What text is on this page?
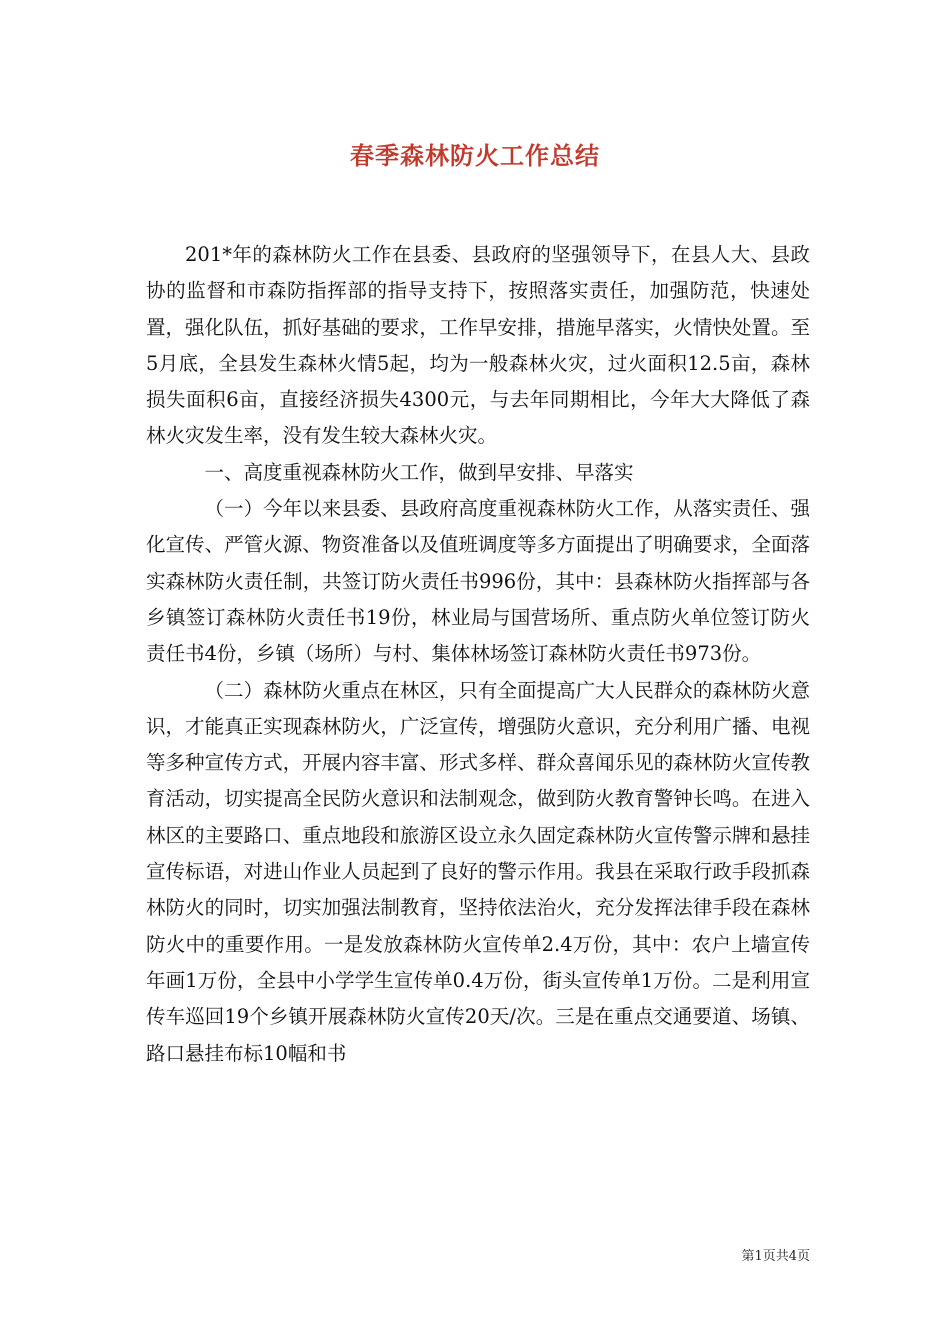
春季森林防火工作总结

201*年的森林防火工作在县委、县政府的坚强领导下，在县人大、县政协的监督和市森防指挥部的指导支持下，按照落实责任，加强防范，快速处置，强化队伍，抓好基础的要求，工作早安排，措施早落实，火情快处置。至5月底，全县发生森林火情5起，均为一般森林火灾，过火面积12.5亩，森林损失面积6亩，直接经济损失4300元，与去年同期相比，今年大大降低了森林火灾发生率，没有发生较大森林火灾。

一、高度重视森林防火工作，做到早安排、早落实

（一）今年以来县委、县政府高度重视森林防火工作，从落实责任、强化宣传、严管火源、物资准备以及值班调度等多方面提出了明确要求，全面落实森林防火责任制，共签订防火责任书996份，其中：县森林防火指挥部与各乡镇签订森林防火责任书19份，林业局与国营场所、重点防火单位签订防火责任书4份，乡镇（场所）与村、集体林场签订森林防火责任书973份。

（二）森林防火重点在林区，只有全面提高广大人民群众的森林防火意识，才能真正实现森林防火，广泛宣传，增强防火意识，充分利用广播、电视等多种宣传方式，开展内容丰富、形式多样、群众喜闻乐见的森林防火宣传教育活动，切实提高全民防火意识和法制观念，做到防火教育警钟长鸣。在进入林区的主要路口、重点地段和旅游区设立永久固定森林防火宣传警示牌和悬挂宣传标语，对进山作业人员起到了良好的警示作用。我县在采取行政手段抓森林防火的同时，切实加强法制教育，坚持依法治火，充分发挥法律手段在森林防火中的重要作用。一是发放森林防火宣传单2.4万份，其中：农户上墙宣传年画1万份，全县中小学学生宣传单0.4万份，街头宣传单1万份。二是利用宣传车巡回19个乡镇开展森林防火宣传20天/次。三是在重点交通要道、场镇、路口悬挂布标10幅和书

第1页共4页
